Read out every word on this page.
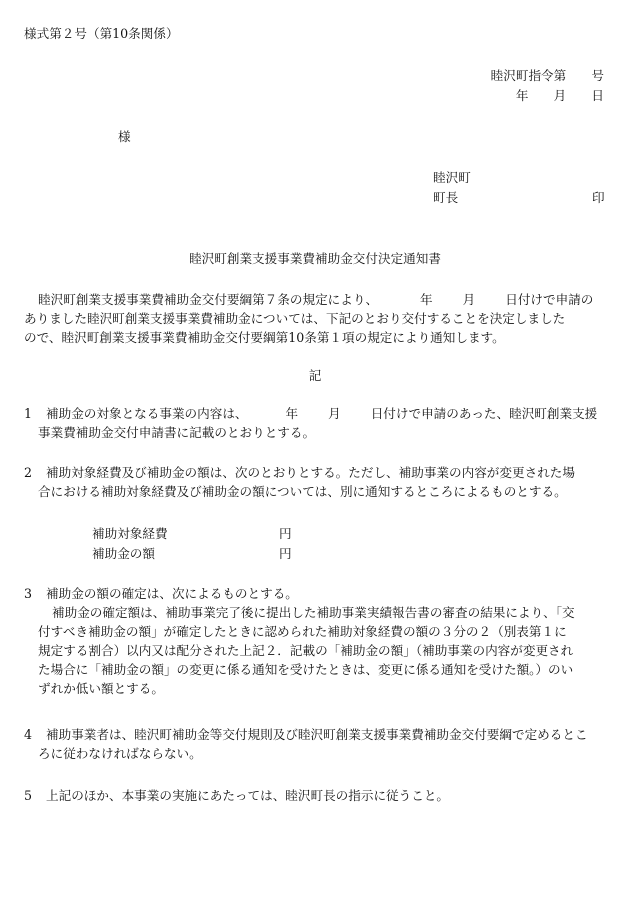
様式第２号（第10条関係）
睦沢町指令第　　号
年　　月　　日
様
睦沢町
町長	印
睦沢町創業支援事業費補助金交付決定通知書

睦沢町創業支援事業費補助金交付要綱第７条の規定により、	年 月 日付けで申請の

ありました睦沢町創業支援事業費補助金については、下記のとおり交付することを決定しました

ので、睦沢町創業支援事業費補助金交付要綱第10条第１項の規定により通知します。

記

1 補助金の対象となる事業の内容は、	年 月 日付けで申請のあった、睦沢町創業支援

事業費補助金交付申請書に記載のとおりとする。

2 補助対象経費及び補助金の額は、次のとおりとする。ただし、補助事業の内容が変更された場

合における補助対象経費及び補助金の額については、別に通知するところによるものとする。

補助対象経費	円
補助金の額	円

3 補助金の額の確定は、次によるものとする。

補助金の確定額は、補助事業完了後に提出した補助事業実績報告書の審査の結果により、「交

付すべき補助金の額」が確定したときに認められた補助対象経費の額の３分の２（別表第１に

規定する割合）以内又は配分された上記２．記載の「補助金の額」（補助事業の内容が変更され

た場合に「補助金の額」の変更に係る通知を受けたときは、変更に係る通知を受けた額。）のい

ずれか低い額とする。

4 補助事業者は、睦沢町補助金等交付規則及び睦沢町創業支援事業費補助金交付要綱で定めるとこ

ろに従わなければならない。

5 上記のほか、本事業の実施にあたっては、睦沢町長の指示に従うこと。
